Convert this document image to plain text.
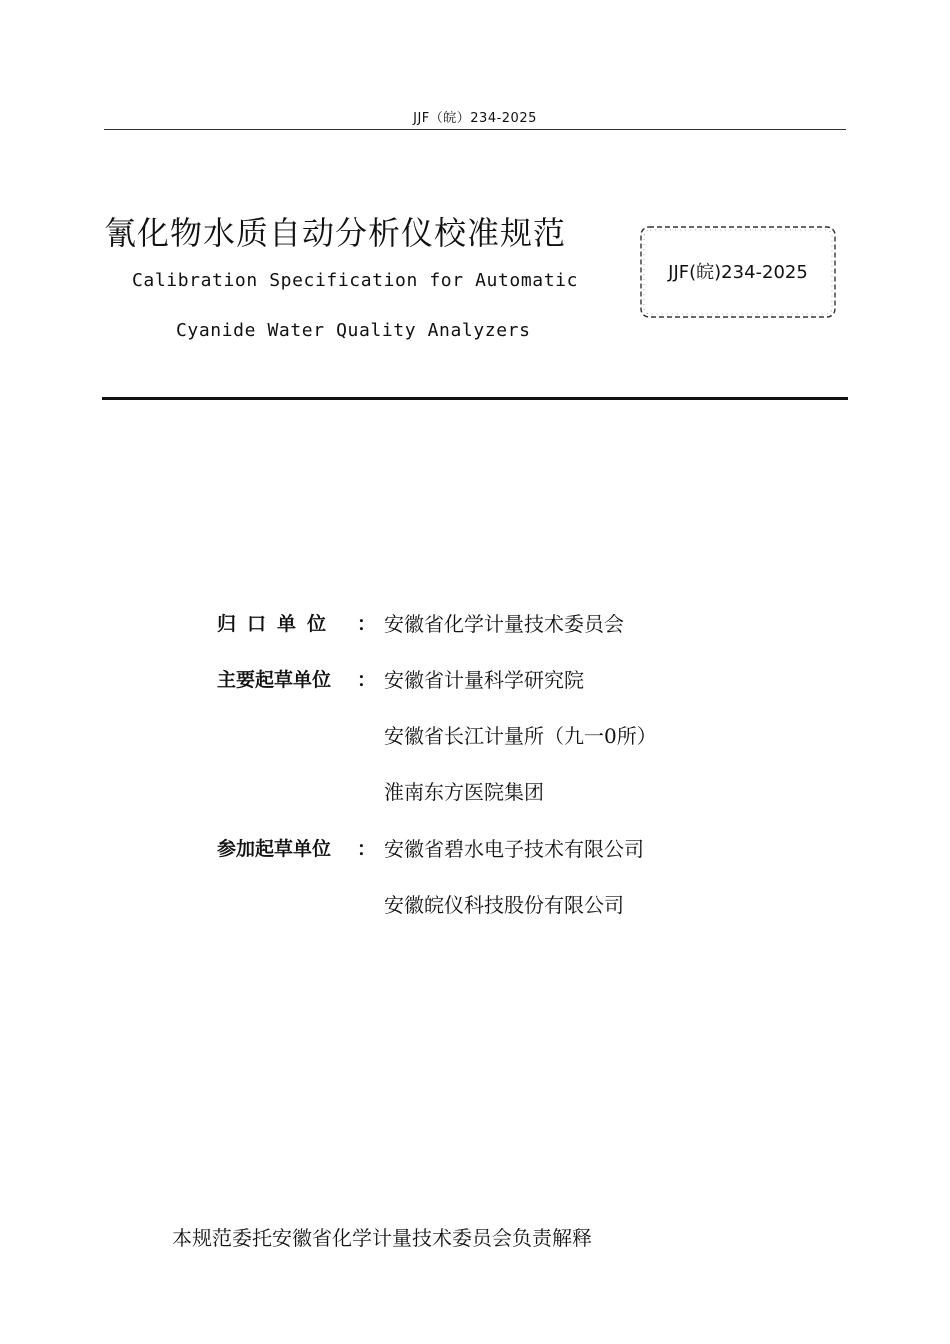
JJF（皖）234-2025
氰化物水质自动分析仪校准规范
Calibration Specification for Automatic
Cyanide Water Quality Analyzers
JJF(皖)234-2025
归口单位 ： 安徽省化学计量技术委员会
主要起草单位 ： 安徽省计量科学研究院
安徽省长江计量所（九一0所）
淮南东方医院集团
参加起草单位 ： 安徽省碧水电子技术有限公司
安徽皖仪科技股份有限公司
本规范委托安徽省化学计量技术委员会负责解释
